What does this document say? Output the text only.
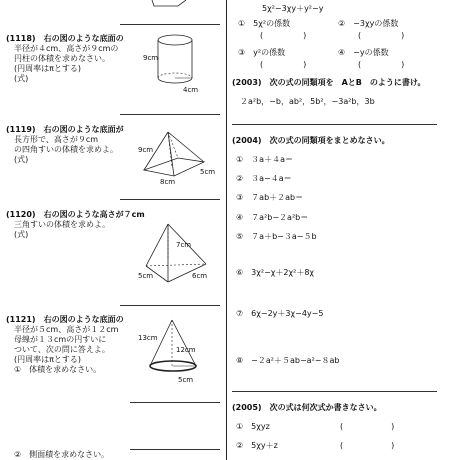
(1118)　右の図のような底面の
　半径が４cm、高さが９cmの
　円柱の体積を求めなさい。
　(円周率はπとする)
　(式)
9cm
4cm
(1119)　右の図のような底面が
　長方形で、高さが９cm
　の四角すいの体積を求めよ。
　(式)
9cm
8cm
5cm
(1120)　右の図のような高さが７cm
　三角すいの体積を求めよ。
　(式)
7cm
5cm	6cm
(1121)　右の図のような底面の
　半径が５cm、高さが１２cm
　母線が１３cmの円すいに
　ついて、次の問に答えよ。
　(円周率はπとする)
　①　体積を求めなさい。
13cm
12cm
5cm
　②　側面積を求めなさい。
5χ²−3χy＋y²−y
①　5χ²の係数	②　−3χyの係数
(　　　　　)	(　　　　　)
③　y²の係数	④　−yの係数
(　　　　　)	(　　　　　)
(2003)　次の式の同類項を　AとB　のように書け。
２a²b，−b，ab²，5b²，−3a²b，3b
(2004)　次の式の同類項をまとめなさい。
①　３a＋４a＝
②　３a−４a＝
③　７ab＋２ab＝
④　７a²b−２a²b＝
⑤　７a＋b−３a−５b
⑥　3χ²−χ＋2χ²＋8χ
⑦　6χ−2y＋3χ−4y−5
⑧　−２a²＋５ab−a²−８ab
(2005)　次の式は何次式か書きなさい。
①　5χyz	(　　　　　　)
②　5χy＋z	(　　　　　　)
